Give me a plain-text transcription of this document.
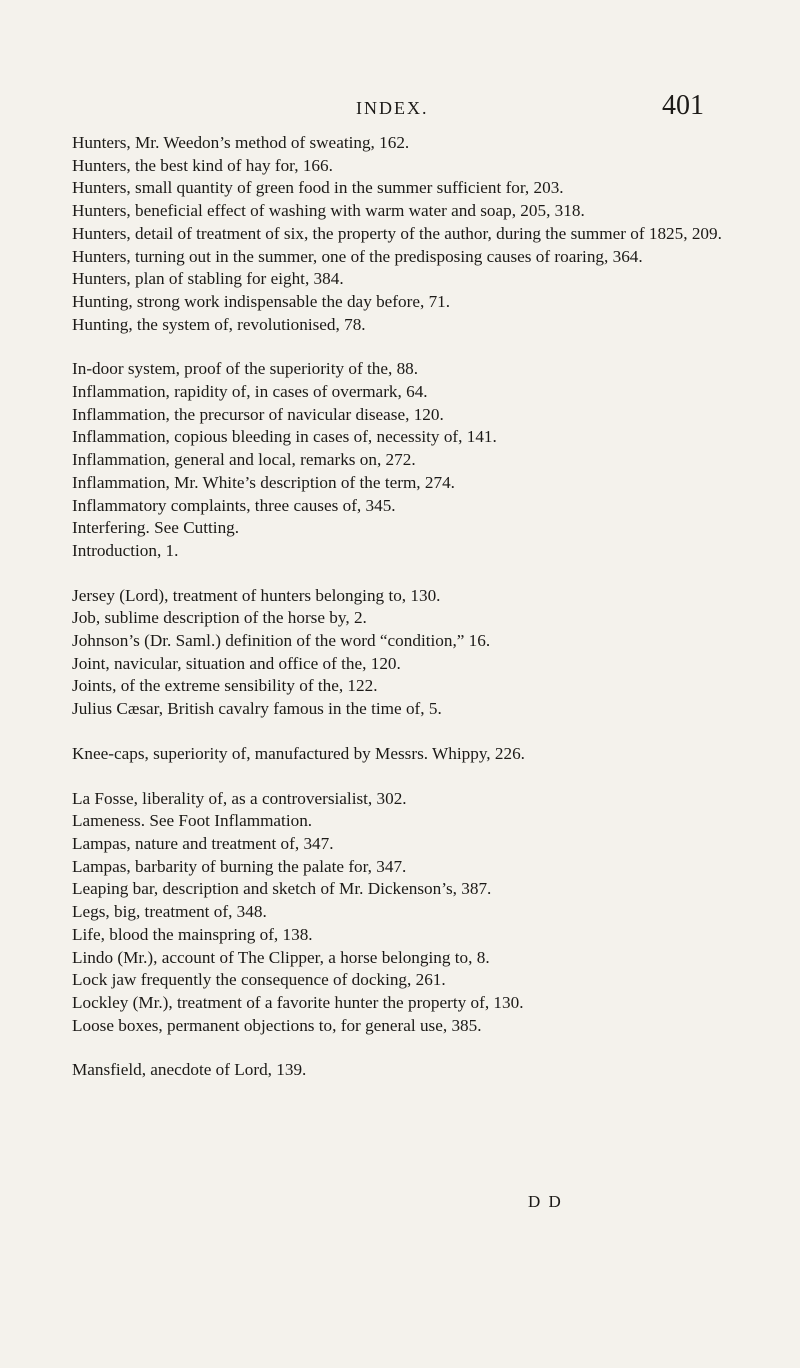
INDEX.	401

Hunters, Mr. Weedon’s method of sweating, 162.

Hunters, the best kind of hay for, 166.

Hunters, small quantity of green food in the summer sufficient for, 203.

Hunters, beneficial effect of washing with warm water and soap, 205, 318.

Hunters, detail of treatment of six, the property of the author, during the summer of 1825, 209.

Hunters, turning out in the summer, one of the predisposing causes of roaring, 364.

Hunters, plan of stabling for eight, 384.

Hunting, strong work indispensable the day before, 71.

Hunting, the system of, revolutionised, 78.

In-door system, proof of the superiority of the, 88.

Inflammation, rapidity of, in cases of overmark, 64.

Inflammation, the precursor of navicular disease, 120.

Inflammation, copious bleeding in cases of, necessity of, 141.

Inflammation, general and local, remarks on, 272.

Inflammation, Mr. White’s description of the term, 274.

Inflammatory complaints, three causes of, 345.

Interfering. See Cutting.

Introduction, 1.

Jersey (Lord), treatment of hunters belonging to, 130.

Job, sublime description of the horse by, 2.

Johnson’s (Dr. Saml.) definition of the word “condition,” 16.

Joint, navicular, situation and office of the, 120.

Joints, of the extreme sensibility of the, 122.

Julius Cæsar, British cavalry famous in the time of, 5.

Knee-caps, superiority of, manufactured by Messrs. Whippy, 226.

La Fosse, liberality of, as a controversialist, 302.

Lameness. See Foot Inflammation.

Lampas, nature and treatment of, 347.

Lampas, barbarity of burning the palate for, 347.

Leaping bar, description and sketch of Mr. Dickenson’s, 387.

Legs, big, treatment of, 348.

Life, blood the mainspring of, 138.

Lindo (Mr.), account of The Clipper, a horse belonging to, 8.

Lock jaw frequently the consequence of docking, 261.

Lockley (Mr.), treatment of a favorite hunter the property of, 130.

Loose boxes, permanent objections to, for general use, 385.

Mansfield, anecdote of Lord, 139.

D D
